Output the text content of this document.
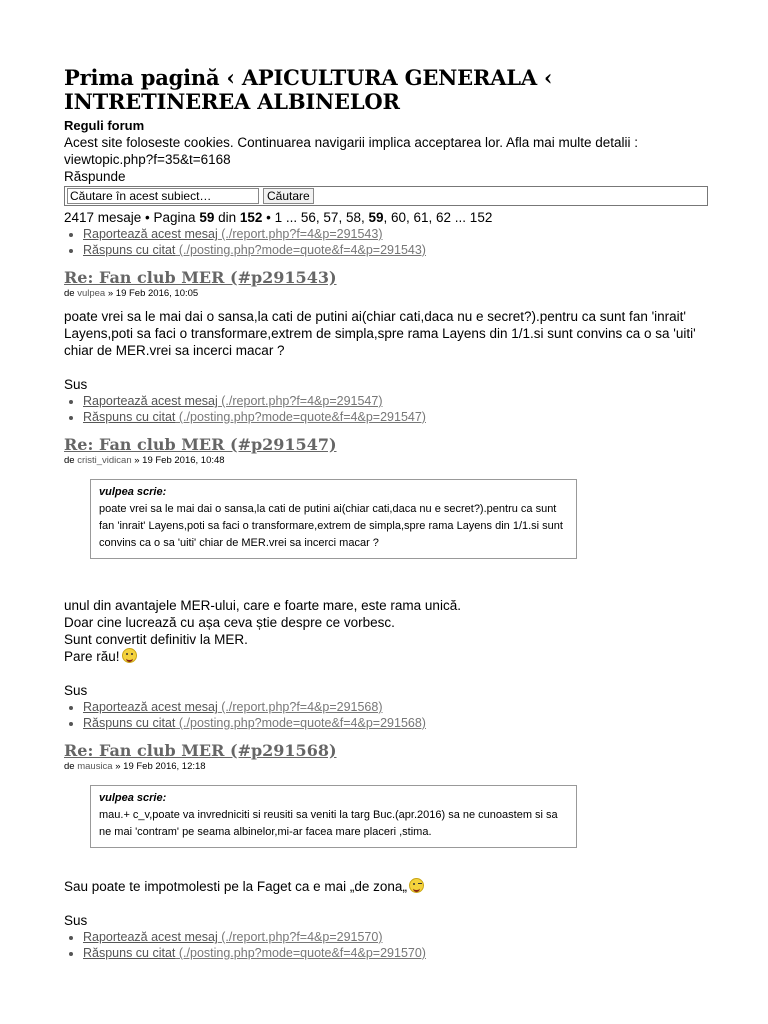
Prima pagină ‹ APICULTURA GENERALA ‹ INTRETINEREA ALBINELOR
Reguli forum
Acest site foloseste cookies. Continuarea navigarii implica acceptarea lor. Afla mai multe detalii : viewtopic.php?f=35&t=6168
Răspunde
Căutare în acest subiect…	Căutare
2417 mesaje • Pagina 59 din 152 • 1 ... 56, 57, 58, 59, 60, 61, 62 ... 152
• Raportează acest mesaj (./report.php?f=4&p=291543)
• Răspuns cu citat (./posting.php?mode=quote&f=4&p=291543)
Re: Fan club MER (#p291543)
de vulpea » 19 Feb 2016, 10:05
poate vrei sa le mai dai o sansa,la cati de putini ai(chiar cati,daca nu e secret?).pentru ca sunt fan 'inrait' Layens,poti sa faci o transformare,extrem de simpla,spre rama Layens din 1/1.si sunt convins ca o sa 'uiti' chiar de MER.vrei sa incerci macar ?
Sus
• Raportează acest mesaj (./report.php?f=4&p=291547)
• Răspuns cu citat (./posting.php?mode=quote&f=4&p=291547)
Re: Fan club MER (#p291547)
de cristi_vidican » 19 Feb 2016, 10:48
vulpea scrie:
poate vrei sa le mai dai o sansa,la cati de putini ai(chiar cati,daca nu e secret?).pentru ca sunt fan 'inrait' Layens,poti sa faci o transformare,extrem de simpla,spre rama Layens din 1/1.si sunt convins ca o sa 'uiti' chiar de MER.vrei sa incerci macar ?
unul din avantajele MER-ului, care e foarte mare, este rama unică.
Doar cine lucrează cu așa ceva știe despre ce vorbesc.
Sunt convertit definitiv la MER.
Pare rău!
Sus
• Raportează acest mesaj (./report.php?f=4&p=291568)
• Răspuns cu citat (./posting.php?mode=quote&f=4&p=291568)
Re: Fan club MER (#p291568)
de mausica » 19 Feb 2016, 12:18
vulpea scrie:
mau.+ c_v,poate va invredniciti si reusiti sa veniti la targ Buc.(apr.2016) sa ne cunoastem si sa ne mai 'contram' pe seama albinelor,mi-ar facea mare placeri ,stima.
Sau poate te impotmolesti pe la Faget ca e mai „de zona„
Sus
• Raportează acest mesaj (./report.php?f=4&p=291570)
• Răspuns cu citat (./posting.php?mode=quote&f=4&p=291570)
